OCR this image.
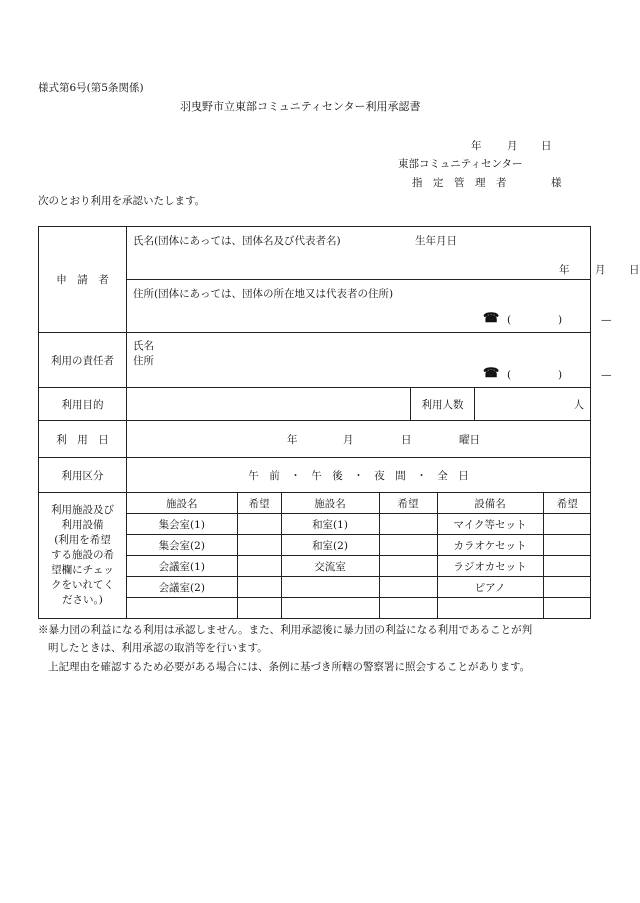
様式第6号(第5条関係)
羽曳野市立東部コミュニティセンター利用承認書
年 月 日
東部コミュニティセンター
指　定　管　理　者	様
次のとおり利用を承認いたします。
申　請　者	
氏名(団体にあっては、団体名及び代表者名)	生年月日
年 月 日

住所(団体にあっては、団体の所在地又は代表者の住所)
☎ (	)	—

利用の責任者	
氏名
住所
☎ (	)	—

利用目的		利用人数	人
利　用　日	年	月	日	曜日

利用区分	午　前　・　午　後　・　夜　間　・　全　日

利用施設及び
利用設備
(利用を希望
する施設の希
望欄にチェッ
クをいれてく
ださい。)

施設名	希望	施設名	希望	設備名	希望
集会室(1)		和室(1)		マイク等セット	
集会室(2)		和室(2)		カラオケセット	
会議室(1)		交流室		ラジオカセット	
会議室(2)				ピアノ	

※暴力団の利益になる利用は承認しません。また、利用承認後に暴力団の利益になる利用であることが判
明したときは、利用承認の取消等を行います。
上記理由を確認するため必要がある場合には、条例に基づき所轄の警察署に照会することがあります。
